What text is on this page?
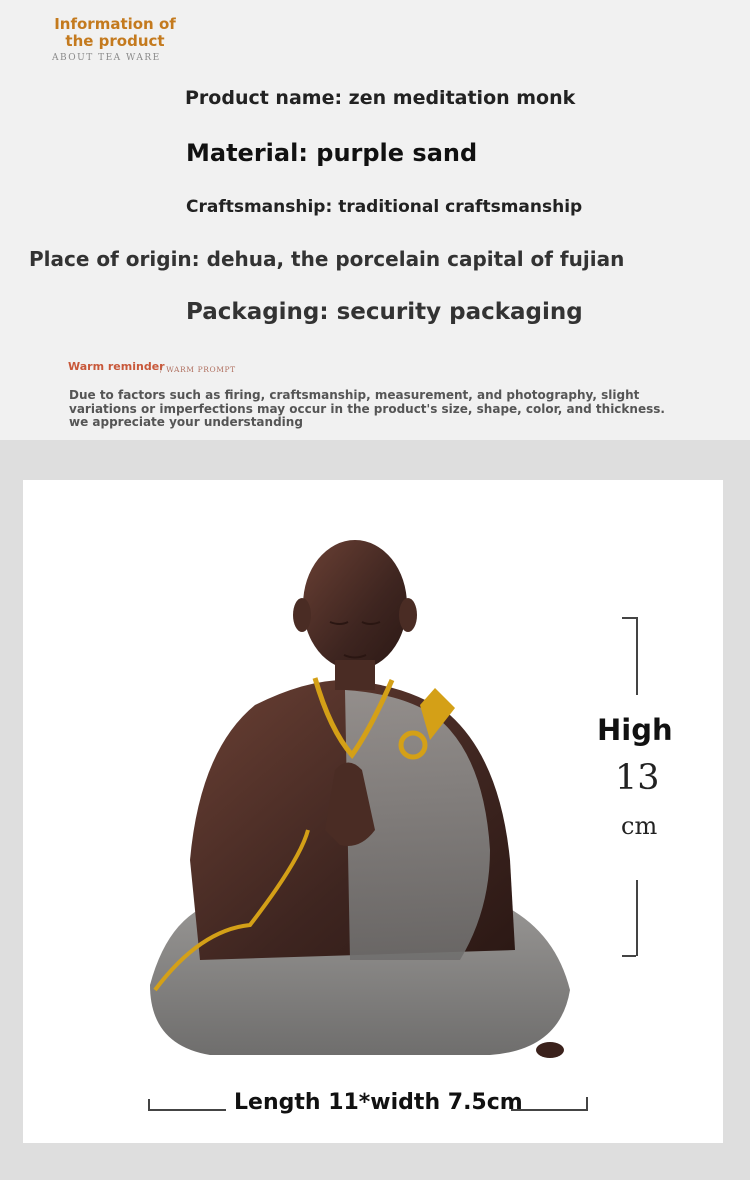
Information of the product
ABOUT TEA WARE
Product name: zen meditation monk
Material: purple sand
Craftsmanship: traditional craftsmanship
Place of origin: dehua, the porcelain capital of fujian
Packaging: security packaging
Warm reminder
/ WARM PROMPT
Due to factors such as firing, craftsmanship, measurement, and photography, slight variations or imperfections may occur in the product's size, shape, color, and thickness. we appreciate your understanding
High
13
cm
Length 11*width 7.5cm
